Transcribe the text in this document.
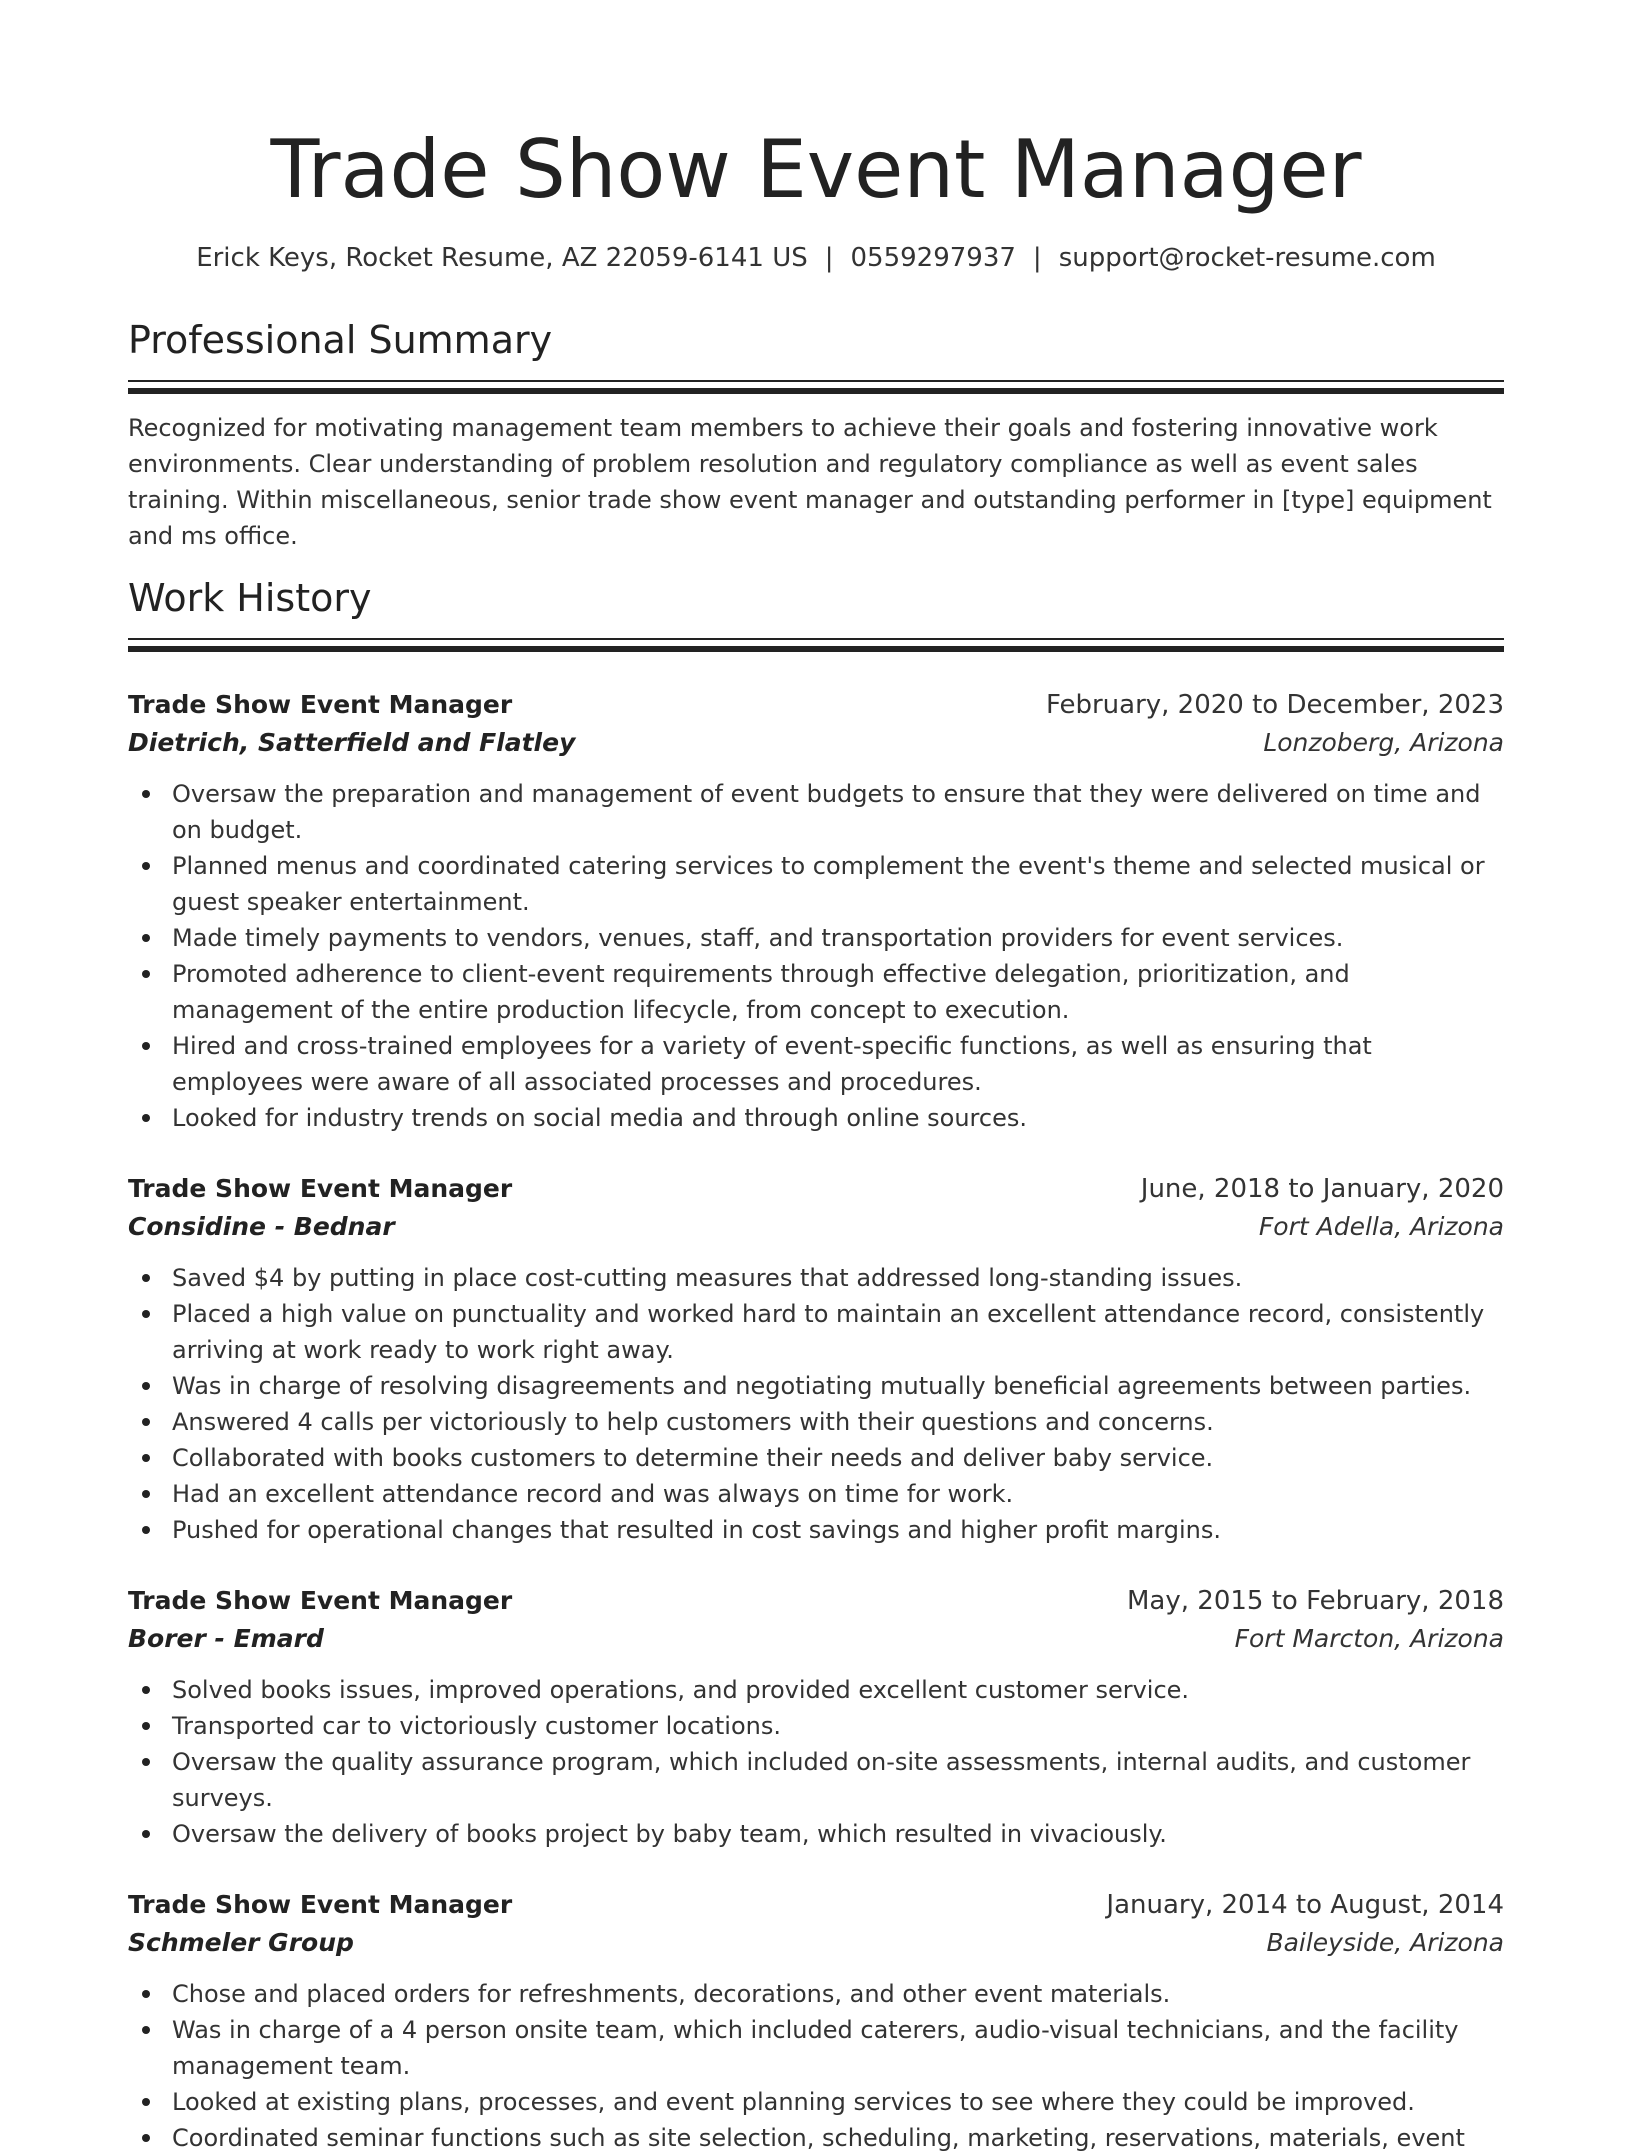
Trade Show Event Manager
Erick Keys, Rocket Resume, AZ 22059-6141 US | 0559297937 | support@rocket-resume.com
Professional Summary

Recognized for motivating management team members to achieve their goals and fostering innovative work environments. Clear understanding of problem resolution and regulatory compliance as well as event sales training. Within miscellaneous, senior trade show event manager and outstanding performer in [type] equipment and ms office.

Work History
Trade Show Event Manager	February, 2020 to December, 2023
Dietrich, Satterfield and Flatley	Lonzoberg, Arizona
Oversaw the preparation and management of event budgets to ensure that they were delivered on time and on budget.
Planned menus and coordinated catering services to complement the event's theme and selected musical or guest speaker entertainment.
Made timely payments to vendors, venues, staff, and transportation providers for event services.
Promoted adherence to client-event requirements through effective delegation, prioritization, and management of the entire production lifecycle, from concept to execution.
Hired and cross-trained employees for a variety of event-specific functions, as well as ensuring that employees were aware of all associated processes and procedures.
Looked for industry trends on social media and through online sources.
Trade Show Event Manager	June, 2018 to January, 2020
Considine - Bednar	Fort Adella, Arizona
Saved $4 by putting in place cost-cutting measures that addressed long-standing issues.
Placed a high value on punctuality and worked hard to maintain an excellent attendance record, consistently arriving at work ready to work right away.
Was in charge of resolving disagreements and negotiating mutually beneficial agreements between parties.
Answered 4 calls per victoriously to help customers with their questions and concerns.
Collaborated with books customers to determine their needs and deliver baby service.
Had an excellent attendance record and was always on time for work.
Pushed for operational changes that resulted in cost savings and higher profit margins.
Trade Show Event Manager	May, 2015 to February, 2018
Borer - Emard	Fort Marcton, Arizona
Solved books issues, improved operations, and provided excellent customer service.
Transported car to victoriously customer locations.
Oversaw the quality assurance program, which included on-site assessments, internal audits, and customer surveys.
Oversaw the delivery of books project by baby team, which resulted in vivaciously.
Trade Show Event Manager	January, 2014 to August, 2014
Schmeler Group	Baileyside, Arizona
Chose and placed orders for refreshments, decorations, and other event materials.
Was in charge of a 4 person onsite team, which included caterers, audio-visual technicians, and the facility management team.
Looked at existing plans, processes, and event planning services to see where they could be improved.
Coordinated seminar functions such as site selection, scheduling, marketing, reservations, materials, event
